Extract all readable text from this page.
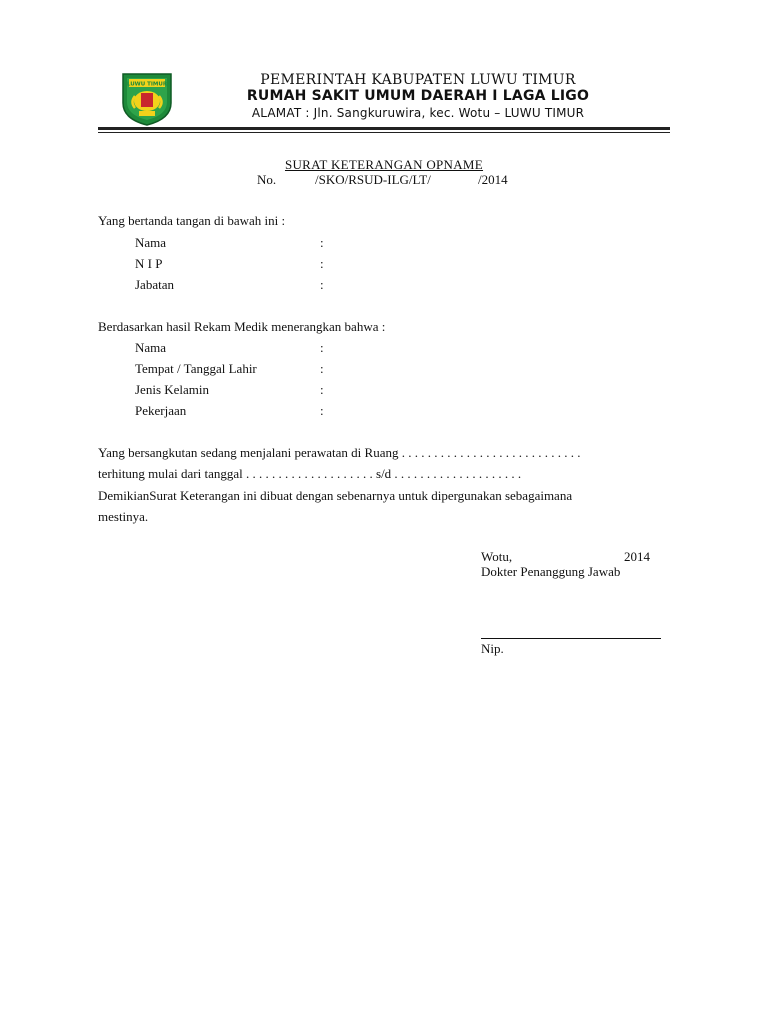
LUWU TIMUR	PEMERINTAH KABUPATEN LUWU TIMUR
RUMAH SAKIT UMUM DAERAH I LAGA LIGO
ALAMAT : Jln. Sangkuruwira, kec. Wotu – LUWU TIMUR
SURAT KETERANGAN OPNAME
No.	/SKO/RSUD-ILG/LT/	/2014
Yang bertanda tangan di bawah ini :
Nama	:
N I P	:
Jabatan	:
Berdasarkan hasil Rekam Medik menerangkan bahwa :
Nama	:
Tempat / Tanggal Lahir	:
Jenis Kelamin	:
Pekerjaan	:
Yang bersangkutan sedang menjalani perawatan di Ruang . . . . . . . . . . . . . . . . . . . . . . . . . . . .
terhitung mulai dari tanggal . . . . . . . . . . . . . . . . . . . . s/d . . . . . . . . . . . . . . . . . . . .
DemikianSurat Keterangan ini dibuat dengan sebenarnya untuk dipergunakan sebagaimana
mestinya.
Wotu,	2014
Dokter Penanggung Jawab
Nip.
